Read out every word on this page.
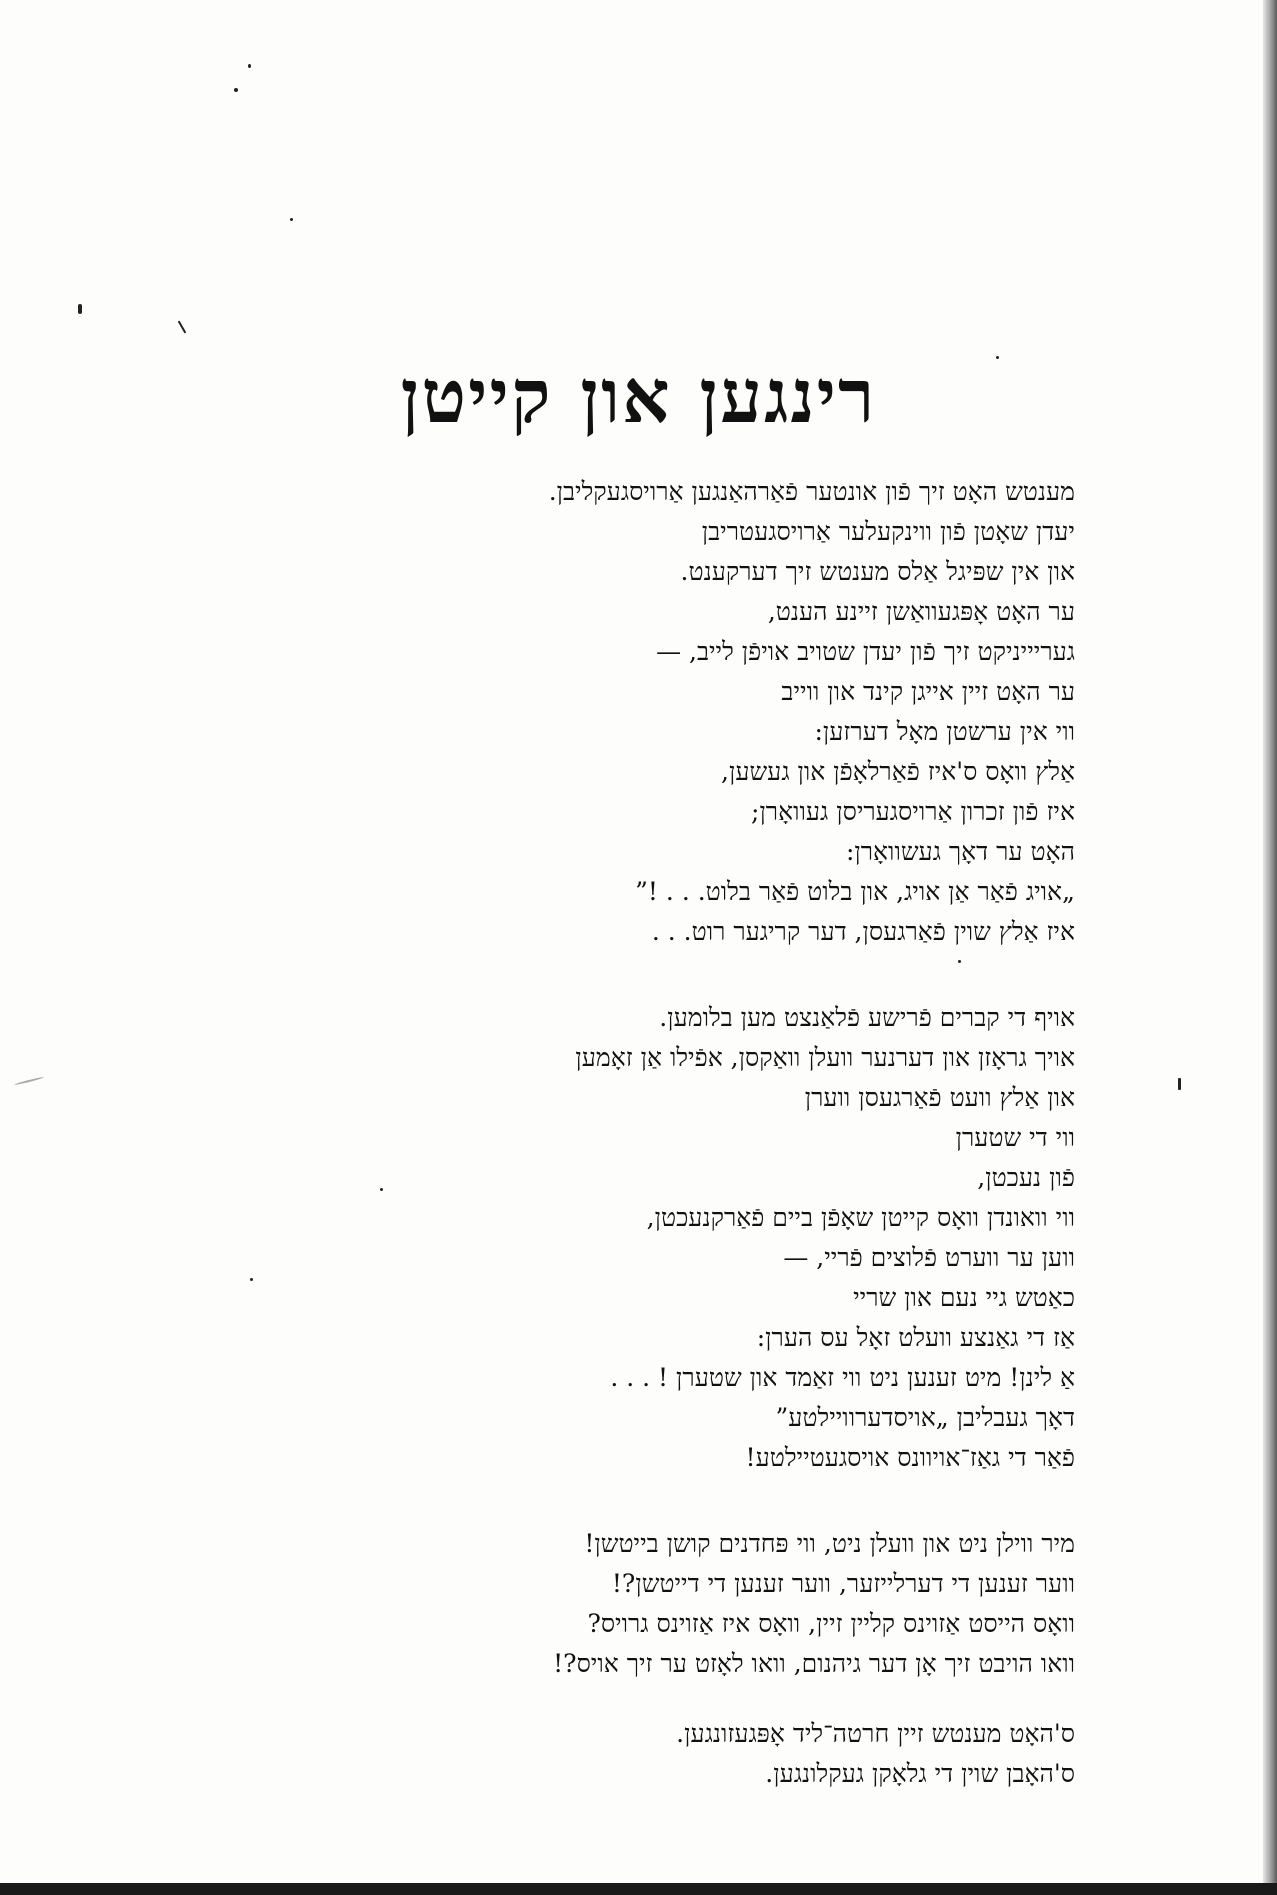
רינגען און קייטן
מענטש האָט זיך פֿון אונטער פֿאַרהאַנגען אַרויסגעקליבן.
יעדן שאָטן פֿון ווינקעלער אַרויסגעטריבן
און אין שפּיגל אַלס מענטש זיך דערקענט.
ער האָט אָפּגעוואַשן זיינע הענט,
געריייניקט זיך פֿון יעדן שטויב אויפֿן לייב, —
ער האָט זיין אייגן קינד און ווייב
ווי אין ערשטן מאָל דערזען:
אַלץ וואָס ס'איז פֿאַרלאָפֿן און געשען,
איז פֿון זכרון אַרויסגעריסן געוואָרן;
האָט ער דאָך געשוואָרן:
„אויג פֿאַר אַן אויג, און בלוט פֿאַר בלוט. . . !”
איז אַלץ שוין פֿאַרגעסן, דער קריגער רוט. . .
אויף די קברים פֿרישע פֿלאַנצט מען בלומען.
אויך גראָזן און דערנער וועלן וואַקסן, אפֿילו אַן זאָמען
און אַלץ וועט פֿאַרגעסן ווערן
ווי די שטערן
פֿון נעכטן,
ווי וואונדן וואָס קייטן שאָפֿן ביים פֿאַרקנעכטן,
ווען ער ווערט פֿלוצים פֿריי, —
כאַטש גיי נעם און שריי
אַז די גאַנצע וועלט זאָל עס הערן:
אַ לינן! מיט זענען ניט ווי זאַמד און שטערן ! . . .
דאָך געבליבן „אויסדערוויילטע”
פֿאַר די גאַז־אויוונס אויסגעטיילטע!
מיר ווילן ניט און וועלן ניט, ווי פּחדנים קושן בייטשן!
ווער זענען די דערלייזער, ווער זענען די דייטשן?!
וואָס הייסט אַזוינס קליין זיין, וואָס איז אַזוינס גרויס?
וואו הויבט זיך אָן דער גיהנום, וואו לאָזט ער זיך אויס?!
ס'האָט מענטש זיין חרטה־ליד אָפּגעזונגען.
ס'האָבן שוין די גלאָקן געקלונגען.
